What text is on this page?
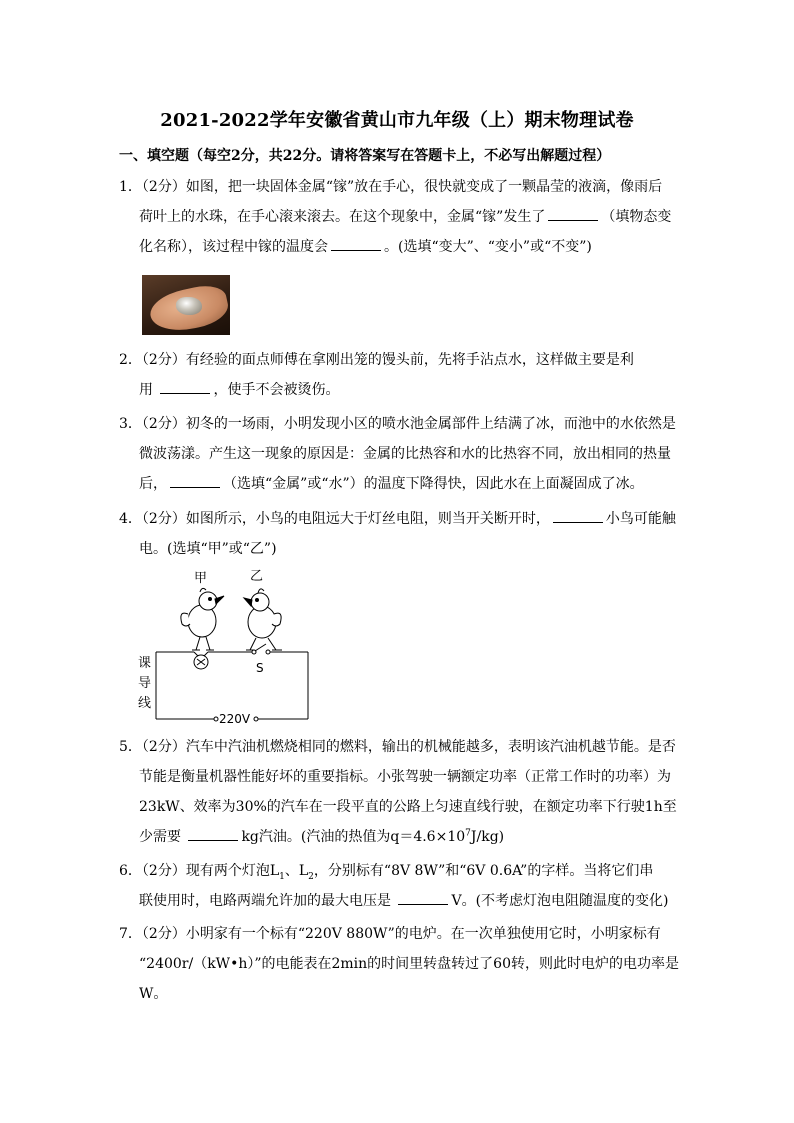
2021-2022学年安徽省黄山市九年级（上）期末物理试卷
一、填空题（每空2分，共22分。请将答案写在答题卡上，不必写出解题过程）

1．（2分）如图，把一块固体金属“镓”放在手心，很快就变成了一颗晶莹的液滴，像雨后

荷叶上的水珠，在手心滚来滚去。在这个现象中，金属“镓”发生了	（填物态变

化名称），该过程中镓的温度会	。(选填“变大”、“变小”或“不变”)

2．（2分）有经验的面点师傅在拿刚出笼的馒头前，先将手沾点水，这样做主要是利

用	，使手不会被烫伤。

3．（2分）初冬的一场雨，小明发现小区的喷水池金属部件上结满了冰，而池中的水依然是

微波荡漾。产生这一现象的原因是：金属的比热容和水的比热容不同，放出相同的热量

后，	（选填“金属”或“水”）的温度下降得快，因此水在上面凝固成了冰。

4．（2分）如图所示，小鸟的电阻远大于灯丝电阻，则当开关断开时，	小鸟可能触

电。(选填“甲”或“乙”)

甲	乙
S
课
导
线
220V

5．（2分）汽车中汽油机燃烧相同的燃料，输出的机械能越多，表明该汽油机越节能。是否

节能是衡量机器性能好坏的重要指标。小张驾驶一辆额定功率（正常工作时的功率）为

23kW、效率为30%的汽车在一段平直的公路上匀速直线行驶，在额定功率下行驶1h至

少需要	kg汽油。(汽油的热值为$q=4.6\times 10^7J/kg$)

6．（2分）现有两个灯泡$L_1$、$L_2$，分别标有“8V 8W”和“6V 0.6A”的字样。当将它们串

联使用时，电路两端允许加的最大电压是	V。(不考虑灯泡电阻随温度的变化)

7．（2分）小明家有一个标有“220V 880W”的电炉。在一次单独使用它时，小明家标有

“2400r/（kW•h）”的电能表在2min的时间里转盘转过了60转，则此时电炉的电功率是

W。
